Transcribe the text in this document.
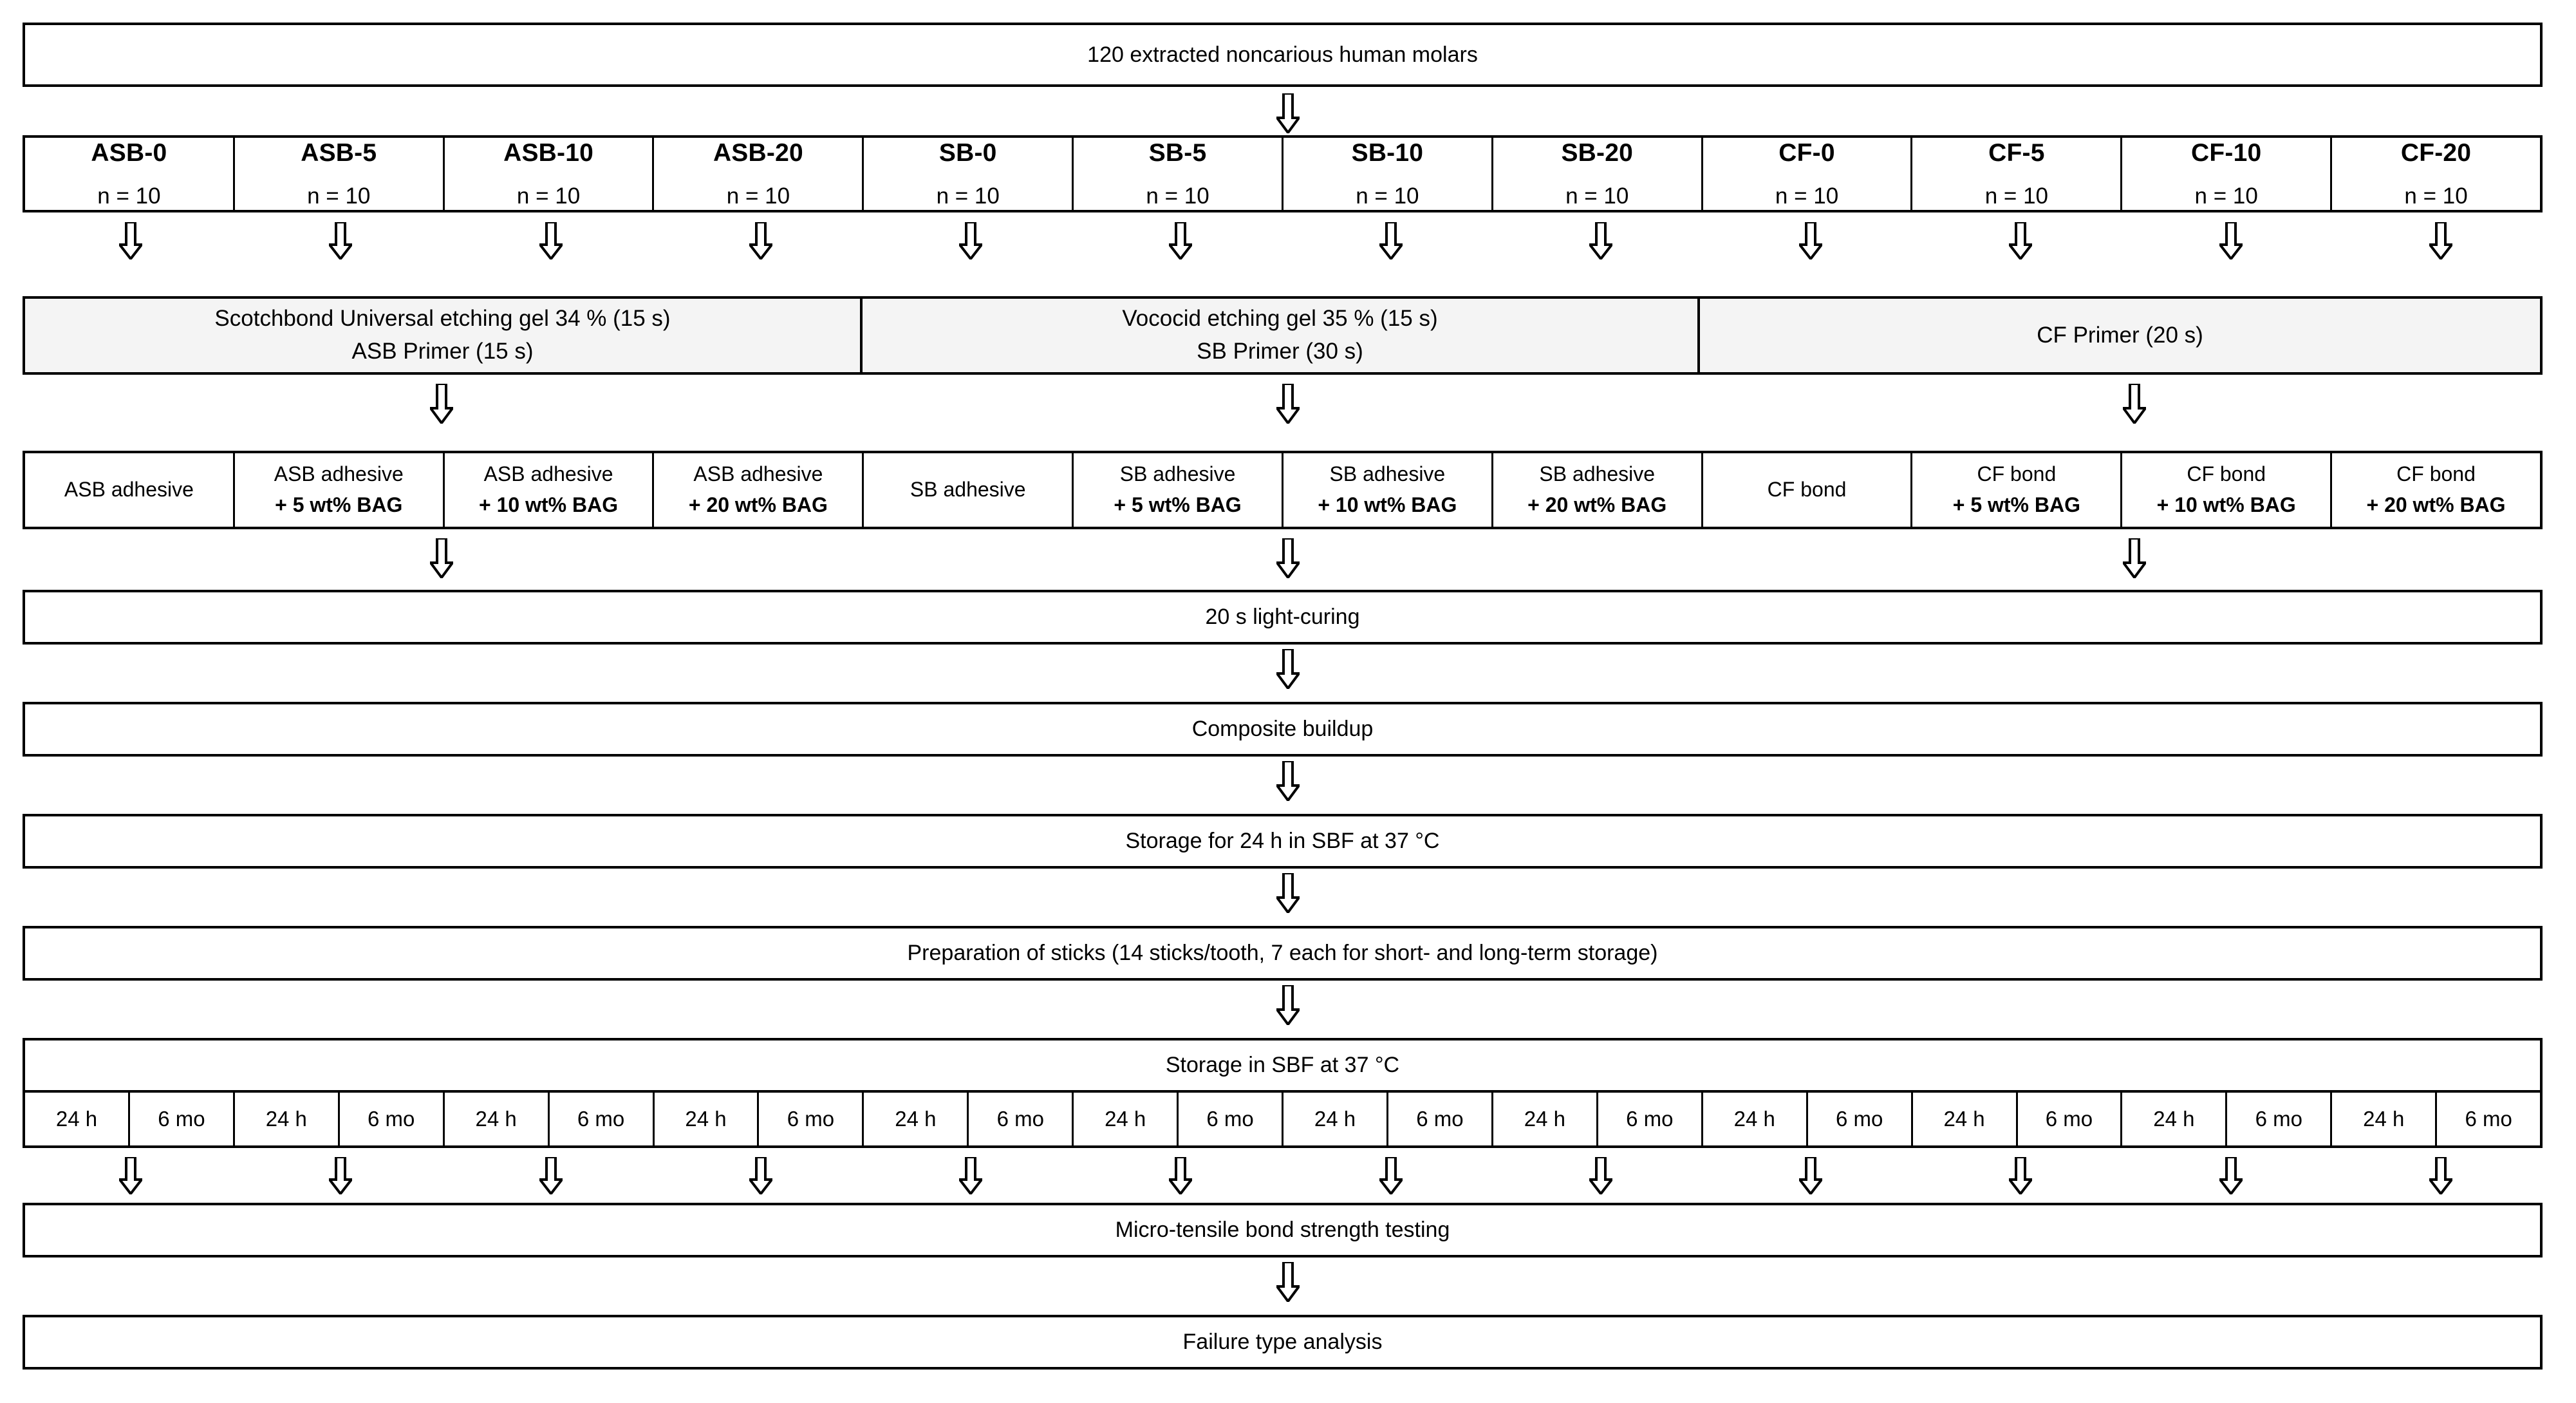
120 extracted noncarious human molars
ASB-0
n = 10
ASB-5
n = 10
ASB-10
n = 10
ASB-20
n = 10
SB-0
n = 10
SB-5
n = 10
SB-10
n = 10
SB-20
n = 10
CF-0
n = 10
CF-5
n = 10
CF-10
n = 10
CF-20
n = 10
Scotchbond Universal etching gel 34 % (15 s)
ASB Primer (15 s)
Vococid etching gel 35 % (15 s)
SB Primer (30 s)
CF Primer (20 s)
ASB adhesive
ASB adhesive
+ 5 wt% BAG
ASB adhesive
+ 10 wt% BAG
ASB adhesive
+ 20 wt% BAG
SB adhesive
SB adhesive
+ 5 wt% BAG
SB adhesive
+ 10 wt% BAG
SB adhesive
+ 20 wt% BAG
CF bond
CF bond
+ 5 wt% BAG
CF bond
+ 10 wt% BAG
CF bond
+ 20 wt% BAG
20 s light-curing
Composite buildup
Storage for 24 h in SBF at 37 °C
Preparation of sticks (14 sticks/tooth, 7 each for short- and long-term storage)
Storage in SBF at 37 °C
24 h	6 mo	24 h	6 mo	24 h	6 mo	24 h	6 mo	24 h	6 mo	24 h	6 mo	24 h	6 mo	24 h	6 mo	24 h	6 mo	24 h	6 mo	24 h	6 mo	24 h	6 mo
Micro-tensile bond strength testing
Failure type analysis
